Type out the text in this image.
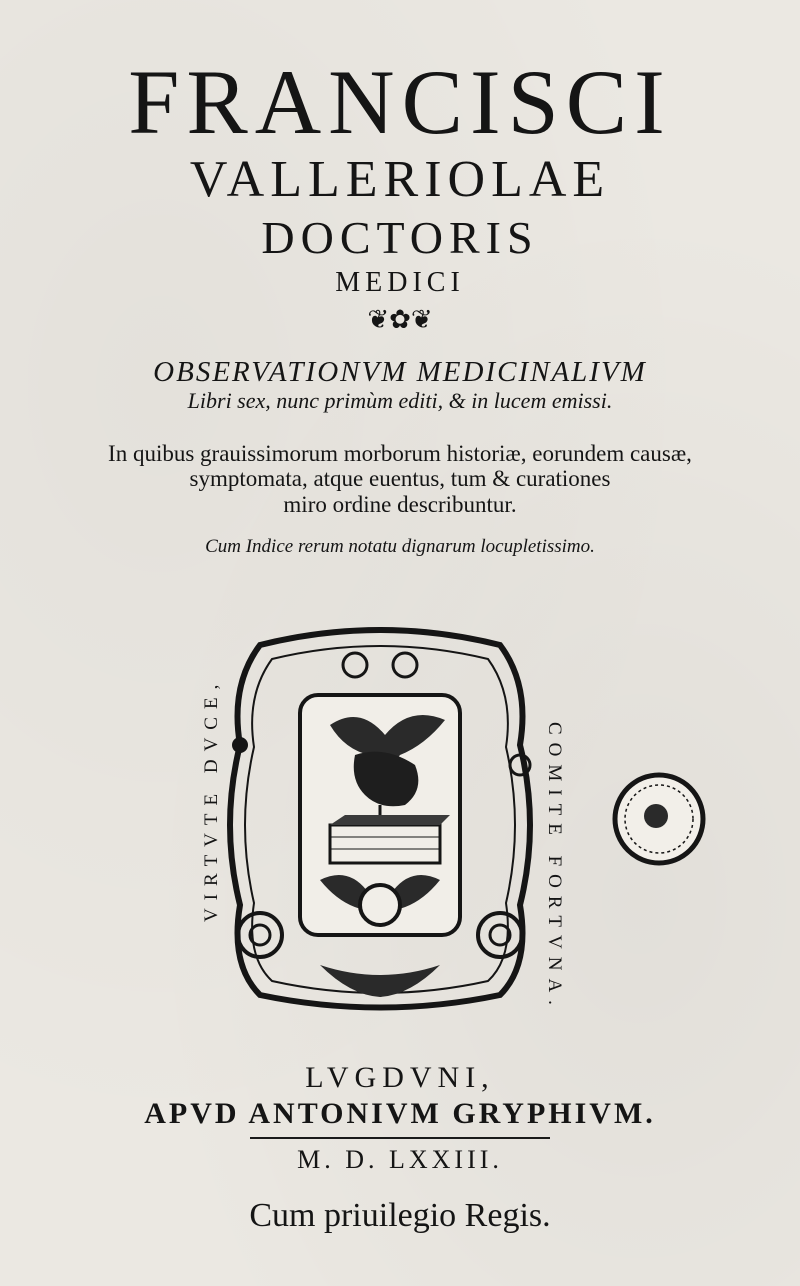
FRANCISCI
VALLERIOLAE
DOCTORIS
MEDICI
❦✿❦
OBSERVATIONVM MEDICINALIVM
Libri sex, nunc primùm editi, & in lucem emissi.
In quibus grauissimorum morborum historiæ, eorundem causæ,
symptomata, atque euentus, tum & curationes
miro ordine describuntur.
Cum Indice rerum notatu dignarum locupletissimo.
VIRTVTE DVCE,	COMITE FORTVNA.
LVGDVNI,
APVD ANTONIVM GRYPHIVM.
M. D. LXXIII.
Cum priuilegio Regis.
